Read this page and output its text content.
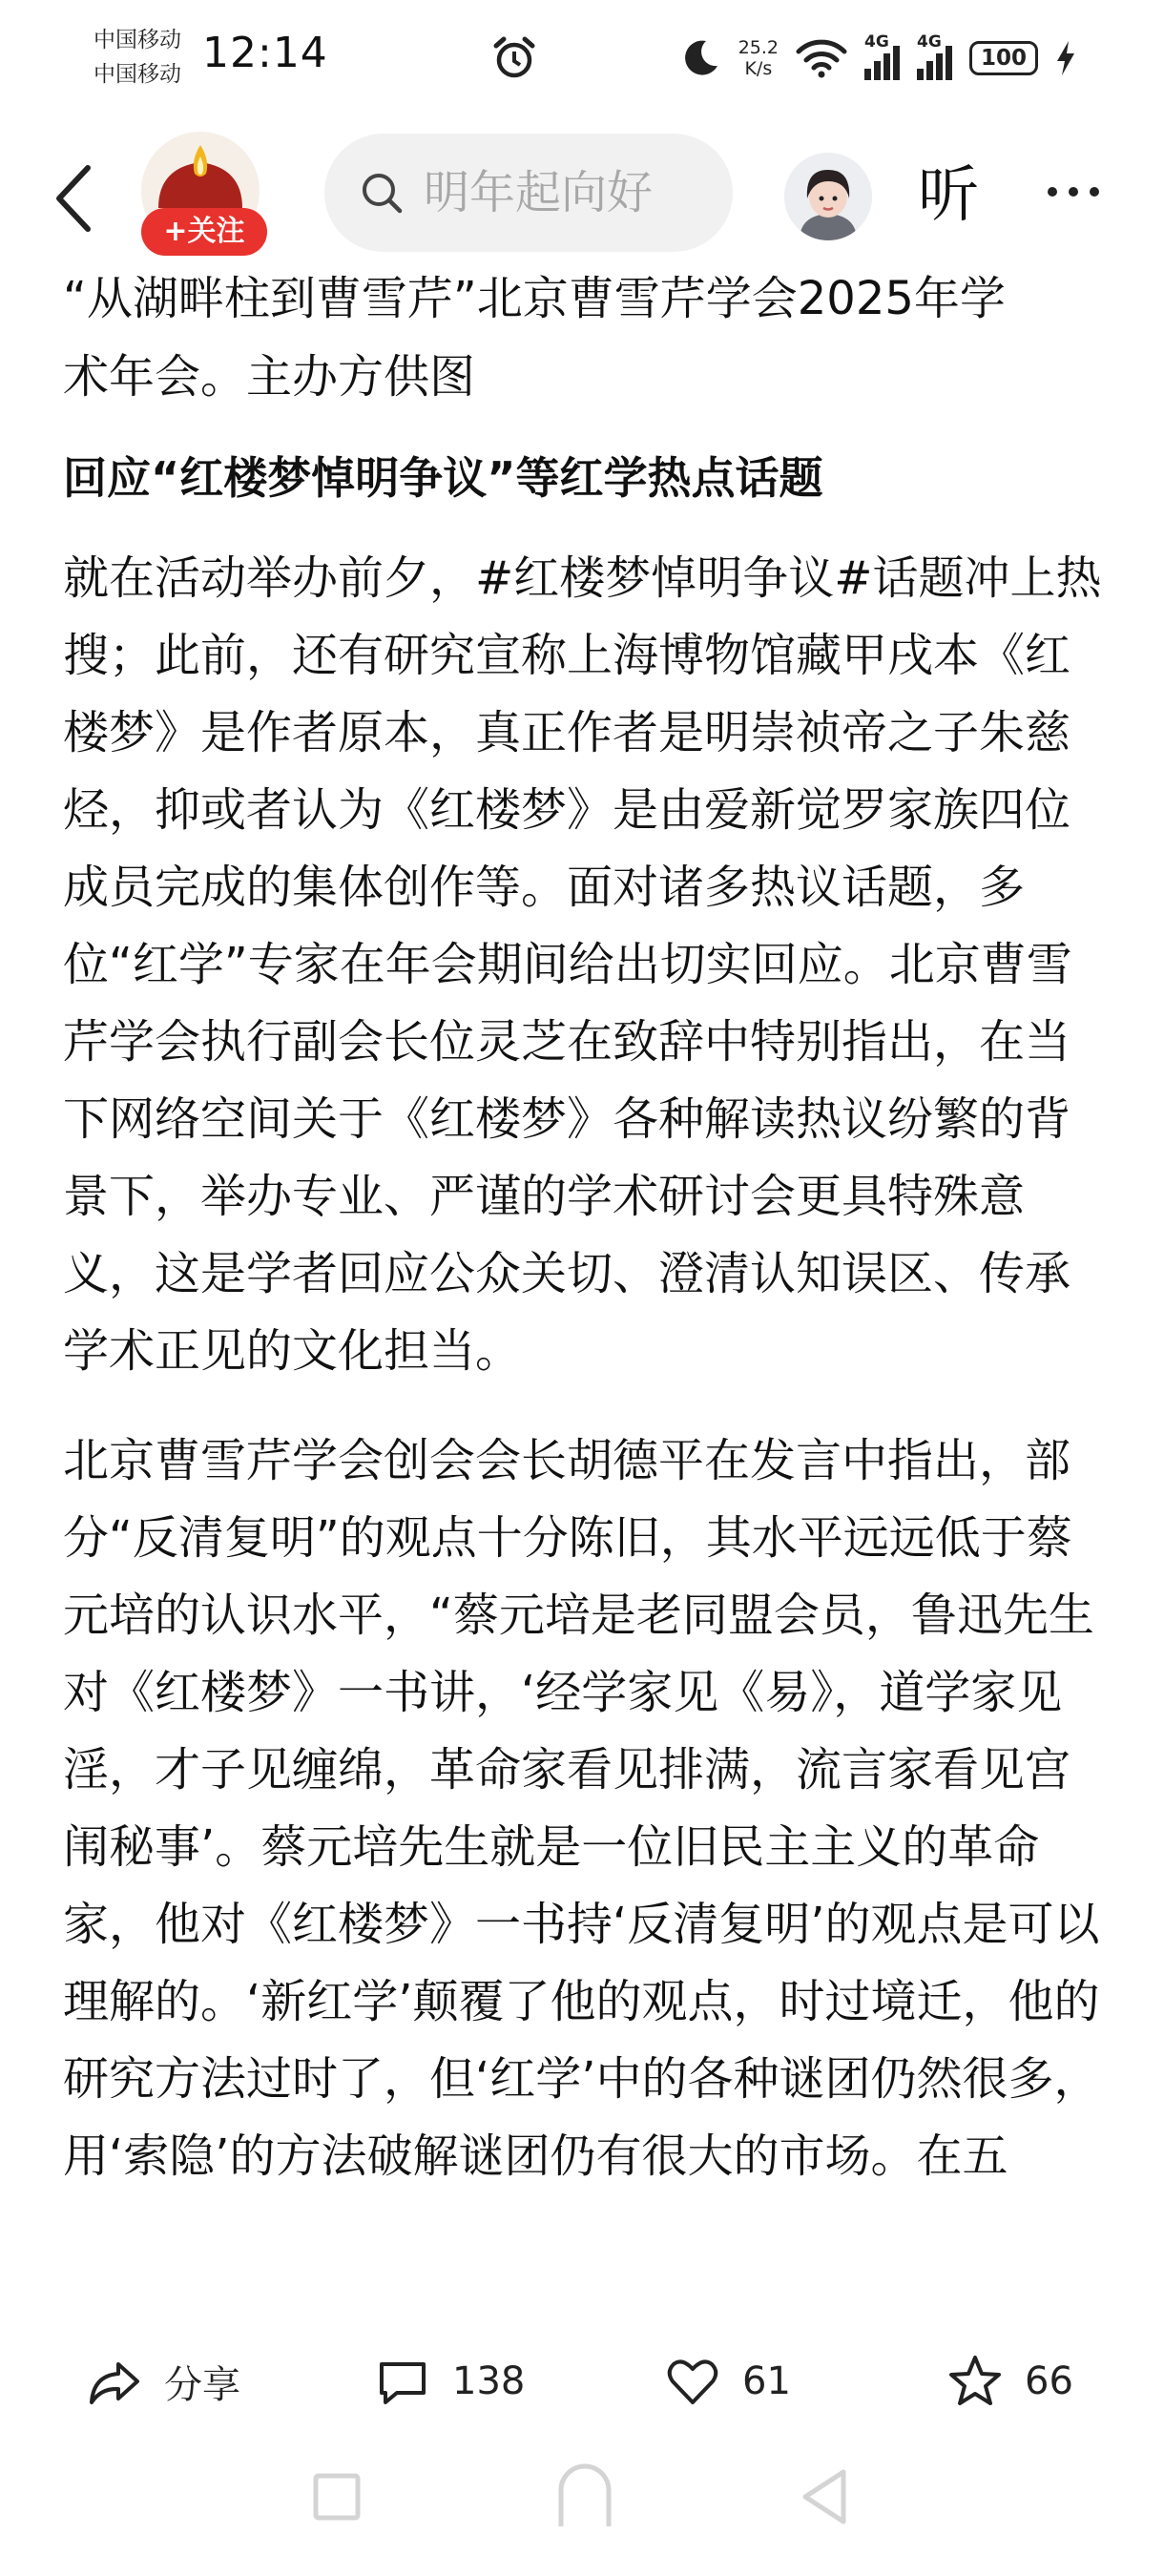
中国移动
中国移动 12:14	25.2
K/s
4G 4G
100
“从湖畔柱到曹雪芹”北京曹雪芹学会2025年学
术年会。主办方供图
回应“红楼梦悼明争议”等红学热点话题

就在活动举办前夕，#红楼梦悼明争议#话题冲上热搜；此前，还有研究宣称上海博物馆藏甲戌本《红楼梦》是作者原本，真正作者是明崇祯帝之子朱慈烃，抑或者认为《红楼梦》是由爱新觉罗家族四位成员完成的集体创作等。面对诸多热议话题，多位“红学”专家在年会期间给出切实回应。北京曹雪芹学会执行副会长位灵芝在致辞中特别指出，在当下网络空间关于《红楼梦》各种解读热议纷繁的背景下，举办专业、严谨的学术研讨会更具特殊意义，这是学者回应公众关切、澄清认知误区、传承学术正见的文化担当。

北京曹雪芹学会创会会长胡德平在发言中指出，部分“反清复明”的观点十分陈旧，其水平远远低于蔡元培的认识水平，“蔡元培是老同盟会员，鲁迅先生对《红楼梦》一书讲，‘经学家见《易》，道学家见淫，才子见缠绵，革命家看见排满，流言家看见宫闱秘事’。蔡元培先生就是一位旧民主主义的革命家，他对《红楼梦》一书持‘反清复明’的观点是可以理解的。‘新红学’颠覆了他的观点，时过境迁，他的研究方法过时了，但‘红学’中的各种谜团仍然很多，用‘索隐’的方法破解谜团仍有很大的市场。在五

+关注
明年起向好
听
分享	138	61	66
